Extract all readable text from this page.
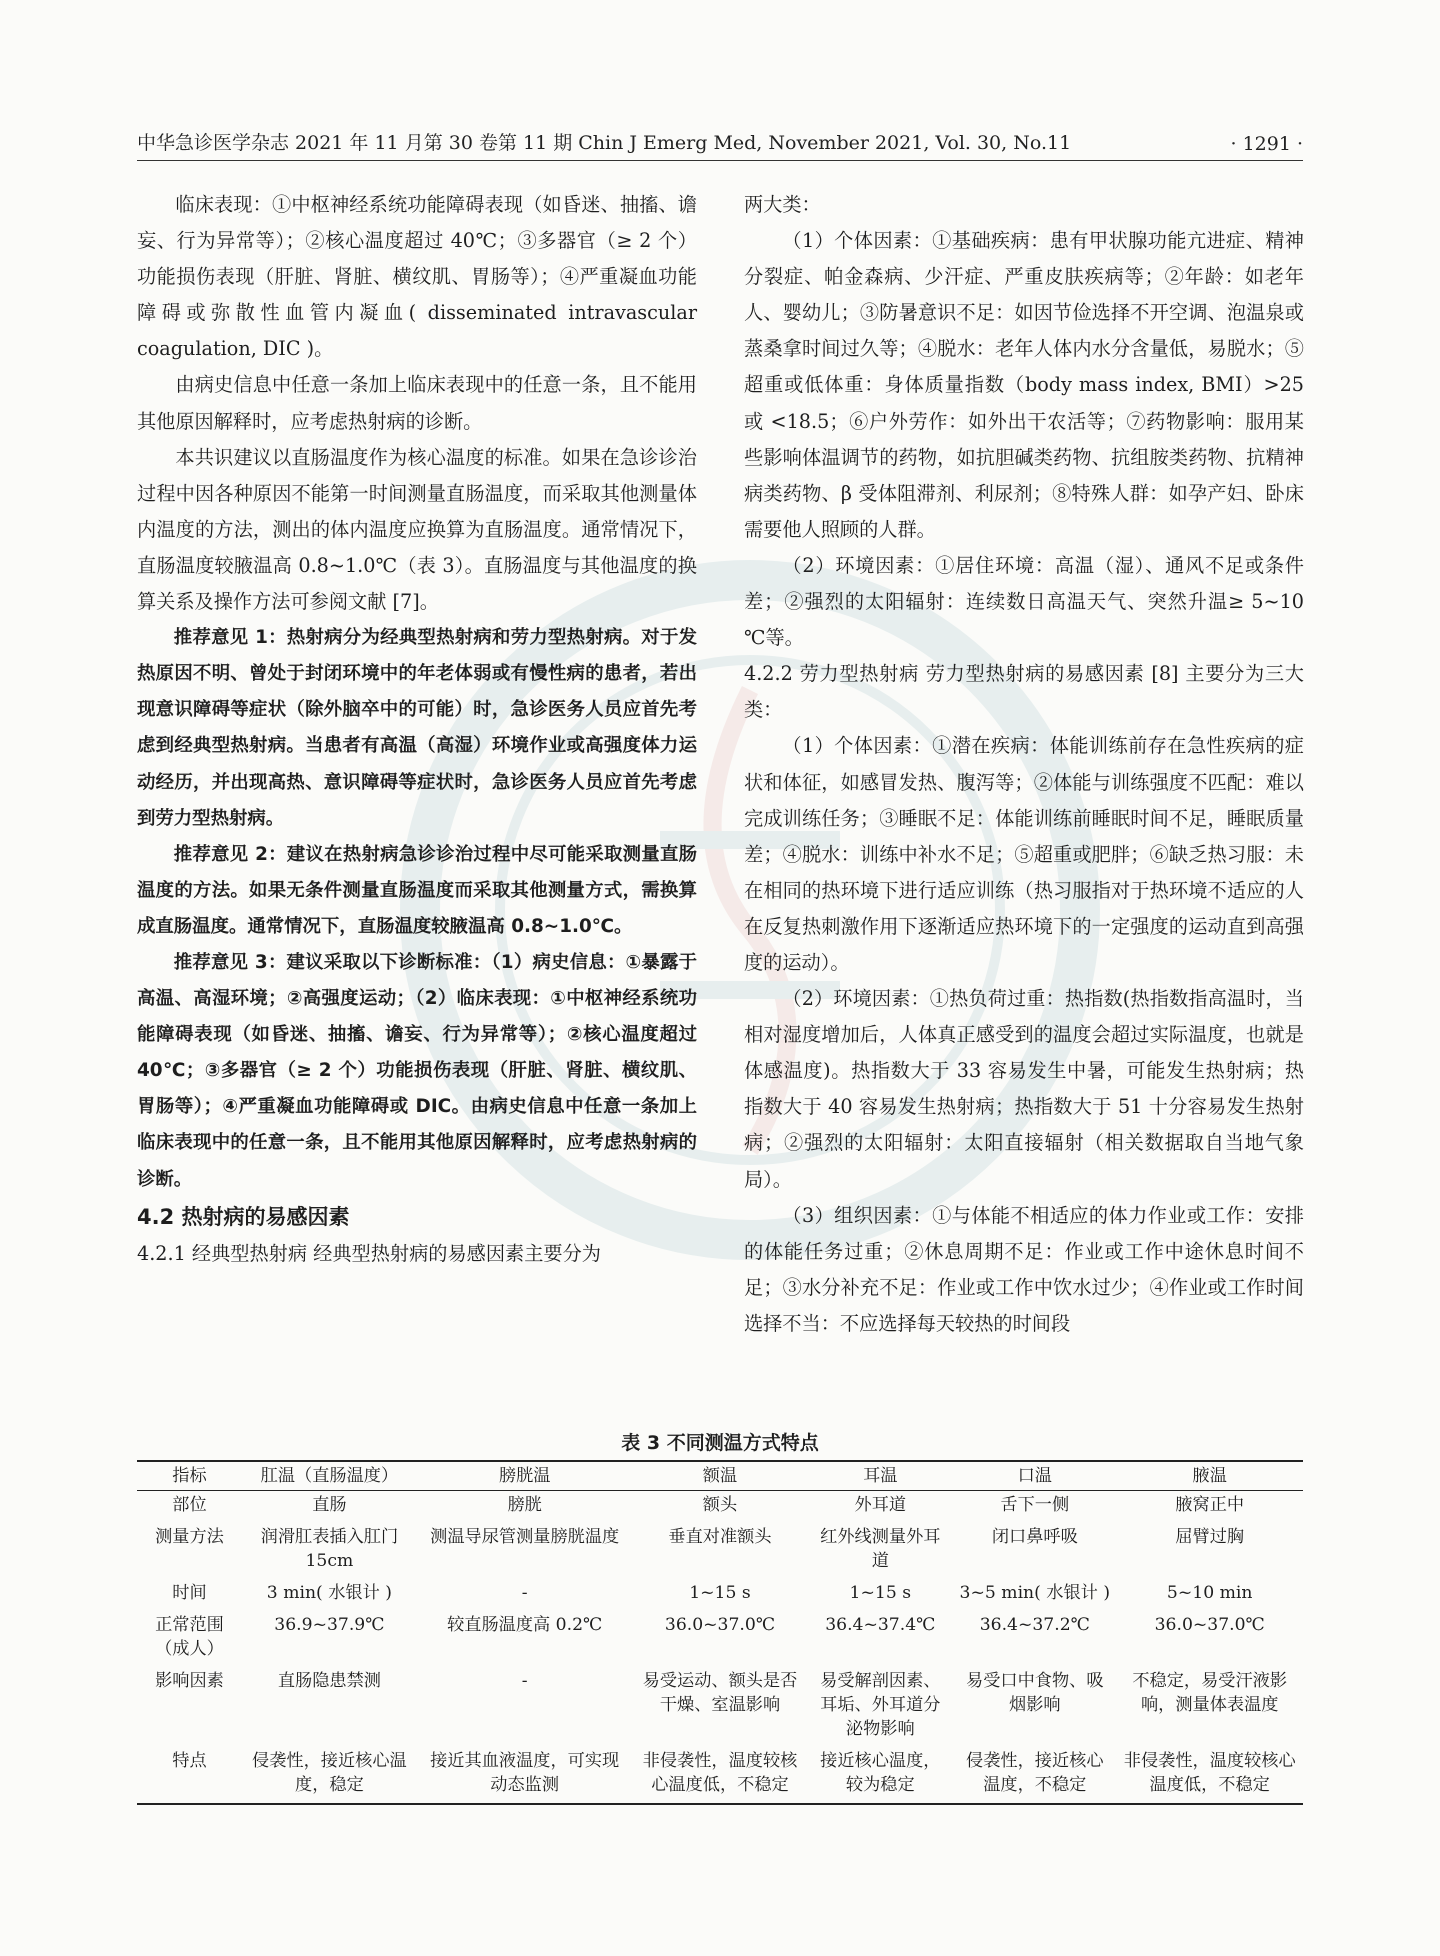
中华急诊医学杂志 2021 年 11 月第 30 卷第 11 期 Chin J Emerg Med, November 2021, Vol. 30, No.11	· 1291 ·

临床表现：①中枢神经系统功能障碍表现（如昏迷、抽搐、谵妄、行为异常等）；②核心温度超过 40℃；③多器官（≥ 2 个）功能损伤表现（肝脏、肾脏、横纹肌、胃肠等）；④严重凝血功能障碍或弥散性血管内凝血( disseminated intravascular coagulation, DIC )。

由病史信息中任意一条加上临床表现中的任意一条，且不能用其他原因解释时，应考虑热射病的诊断。

本共识建议以直肠温度作为核心温度的标准。如果在急诊诊治过程中因各种原因不能第一时间测量直肠温度，而采取其他测量体内温度的方法，测出的体内温度应换算为直肠温度。通常情况下，直肠温度较腋温高 0.8~1.0℃（表 3）。直肠温度与其他温度的换算关系及操作方法可参阅文献 [7]。

推荐意见 1：热射病分为经典型热射病和劳力型热射病。对于发热原因不明、曾处于封闭环境中的年老体弱或有慢性病的患者，若出现意识障碍等症状（除外脑卒中的可能）时，急诊医务人员应首先考虑到经典型热射病。当患者有高温（高湿）环境作业或高强度体力运动经历，并出现高热、意识障碍等症状时，急诊医务人员应首先考虑到劳力型热射病。

推荐意见 2：建议在热射病急诊诊治过程中尽可能采取测量直肠温度的方法。如果无条件测量直肠温度而采取其他测量方式，需换算成直肠温度。通常情况下，直肠温度较腋温高 0.8~1.0℃。

推荐意见 3：建议采取以下诊断标准：（1）病史信息：①暴露于高温、高湿环境；②高强度运动；（2）临床表现：①中枢神经系统功能障碍表现（如昏迷、抽搐、谵妄、行为异常等）；②核心温度超过 40℃；③多器官（≥ 2 个）功能损伤表现（肝脏、肾脏、横纹肌、胃肠等）；④严重凝血功能障碍或 DIC。由病史信息中任意一条加上临床表现中的任意一条，且不能用其他原因解释时，应考虑热射病的诊断。

4.2 热射病的易感因素

4.2.1 经典型热射病 经典型热射病的易感因素主要分为

两大类：

（1）个体因素：①基础疾病：患有甲状腺功能亢进症、精神分裂症、帕金森病、少汗症、严重皮肤疾病等；②年龄：如老年人、婴幼儿；③防暑意识不足：如因节俭选择不开空调、泡温泉或蒸桑拿时间过久等；④脱水：老年人体内水分含量低，易脱水；⑤超重或低体重：身体质量指数（body mass index, BMI）>25 或 <18.5；⑥户外劳作：如外出干农活等；⑦药物影响：服用某些影响体温调节的药物，如抗胆碱类药物、抗组胺类药物、抗精神病类药物、β 受体阻滞剂、利尿剂；⑧特殊人群：如孕产妇、卧床需要他人照顾的人群。

（2）环境因素：①居住环境：高温（湿）、通风不足或条件差；②强烈的太阳辐射：连续数日高温天气、突然升温≥ 5~10 ℃等。

4.2.2 劳力型热射病 劳力型热射病的易感因素 [8] 主要分为三大类：

（1）个体因素：①潜在疾病：体能训练前存在急性疾病的症状和体征，如感冒发热、腹泻等；②体能与训练强度不匹配：难以完成训练任务；③睡眠不足：体能训练前睡眠时间不足，睡眠质量差；④脱水：训练中补水不足；⑤超重或肥胖；⑥缺乏热习服：未在相同的热环境下进行适应训练（热习服指对于热环境不适应的人在反复热刺激作用下逐渐适应热环境下的一定强度的运动直到高强度的运动）。

（2）环境因素：①热负荷过重：热指数(热指数指高温时，当相对湿度增加后，人体真正感受到的温度会超过实际温度，也就是体感温度)。热指数大于 33 容易发生中暑，可能发生热射病；热指数大于 40 容易发生热射病；热指数大于 51 十分容易发生热射病；②强烈的太阳辐射：太阳直接辐射（相关数据取自当地气象局）。

（3）组织因素：①与体能不相适应的体力作业或工作：安排的体能任务过重；②休息周期不足：作业或工作中途休息时间不足；③水分补充不足：作业或工作中饮水过少；④作业或工作时间选择不当：不应选择每天较热的时间段

表 3 不同测温方式特点
指标	肛温（直肠温度）	膀胱温	额温	耳温	口温	腋温
部位	直肠	膀胱	额头	外耳道	舌下一侧	腋窝正中
测量方法	润滑肛表插入肛门 15cm	测温导尿管测量膀胱温度	垂直对准额头	红外线测量外耳道	闭口鼻呼吸	屈臂过胸
时间	3 min( 水银计 )	-	1~15 s	1~15 s	3~5 min( 水银计 )	5~10 min
正常范围（成人）	36.9~37.9℃	较直肠温度高 0.2℃	36.0~37.0℃	36.4~37.4℃	36.4~37.2℃	36.0~37.0℃
影响因素	直肠隐患禁测	-	易受运动、额头是否干燥、室温影响	易受解剖因素、耳垢、外耳道分泌物影响	易受口中食物、吸烟影响	不稳定，易受汗液影响，测量体表温度
特点	侵袭性，接近核心温度，稳定	接近其血液温度，可实现动态监测	非侵袭性，温度较核心温度低，不稳定	接近核心温度，较为稳定	侵袭性，接近核心温度，不稳定	非侵袭性，温度较核心温度低，不稳定
